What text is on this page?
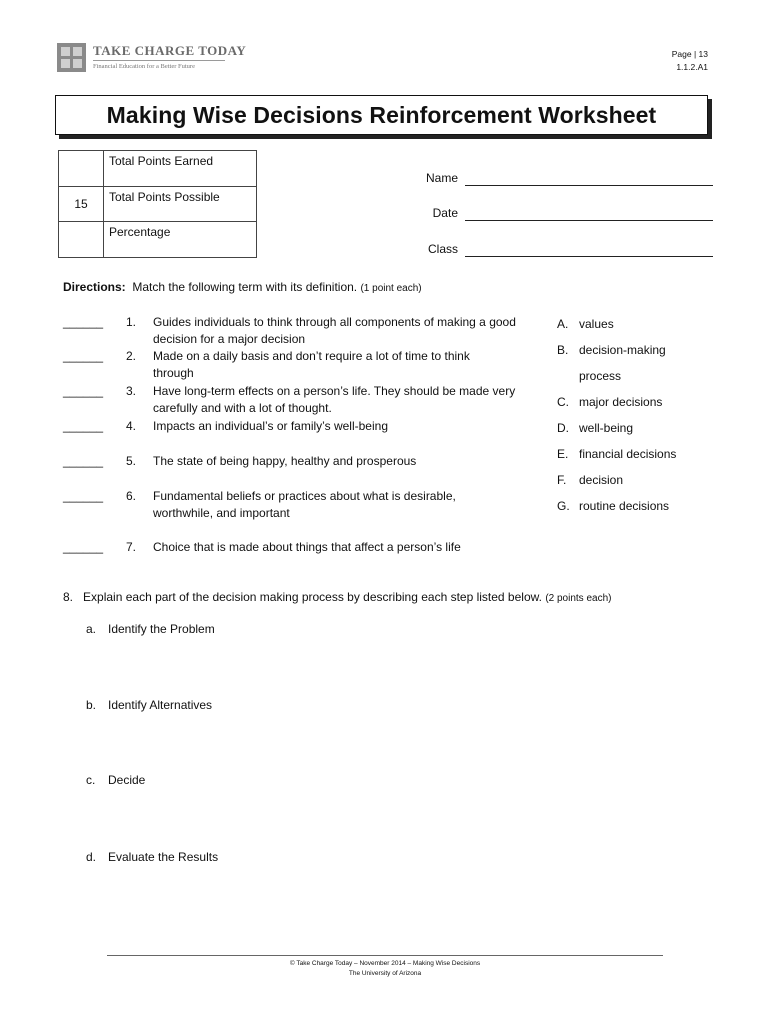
TAKE CHARGE TODAY
Financial Education for a Better Future
Page | 13
1.1.2.A1
Making Wise Decisions Reinforcement Worksheet
	Total Points Earned
15	Total Points Possible
	Percentage
Name
Date
Class
Directions: Match the following term with its definition. (1 point each)
______	1. Guides individuals to think through all components of making a good decision for a major decision
______	2. Made on a daily basis and don’t require a lot of time to think through
______	3. Have long-term effects on a person’s life. They should be made very carefully and with a lot of thought.
______	4. Impacts an individual’s or family’s well-being
______	5. The state of being happy, healthy and prosperous
______	6. Fundamental beliefs or practices about what is desirable, worthwhile, and important
______	7. Choice that is made about things that affect a person’s life
A. values
B. decision-making
process
C. major decisions
D. well-being
E. financial decisions
F. decision
G. routine decisions
8. Explain each part of the decision making process by describing each step listed below. (2 points each)
a. Identify the Problem
b. Identify Alternatives
c. Decide
d. Evaluate the Results
© Take Charge Today – November 2014 – Making Wise Decisions
The University of Arizona
